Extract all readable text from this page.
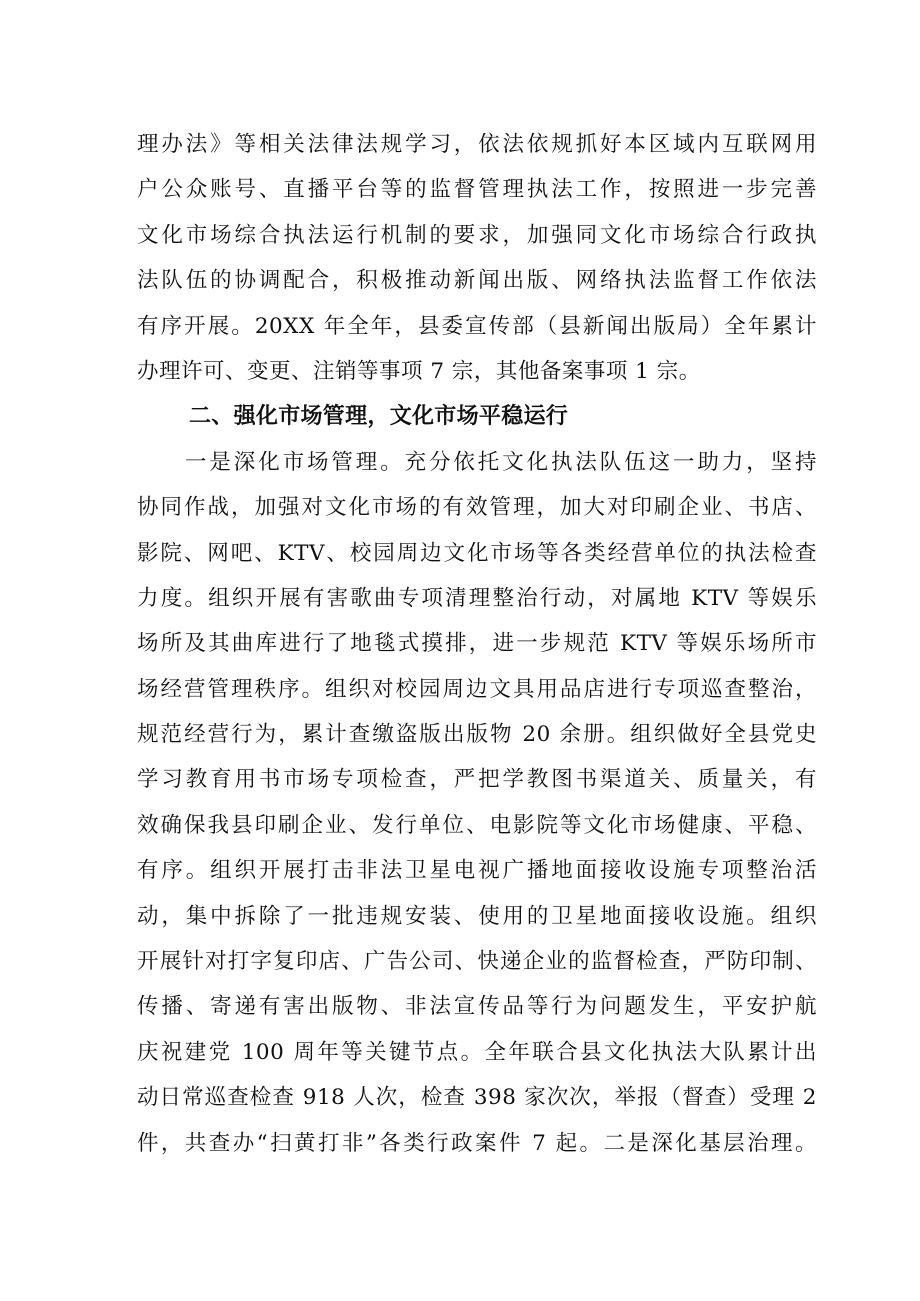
理办法》等相关法律法规学习，依法依规抓好本区域内互联网用
户公众账号、直播平台等的监督管理执法工作，按照进一步完善
文化市场综合执法运行机制的要求，加强同文化市场综合行政执
法队伍的协调配合，积极推动新闻出版、网络执法监督工作依法
有序开展。20XX 年全年，县委宣传部（县新闻出版局）全年累计
办理许可、变更、注销等事项 7 宗，其他备案事项 1 宗。
二、强化市场管理，文化市场平稳运行
一是深化市场管理。充分依托文化执法队伍这一助力，坚持
协同作战，加强对文化市场的有效管理，加大对印刷企业、书店、
影院、网吧、KTV、校园周边文化市场等各类经营单位的执法检查
力度。组织开展有害歌曲专项清理整治行动，对属地 KTV 等娱乐
场所及其曲库进行了地毯式摸排，进一步规范 KTV 等娱乐场所市
场经营管理秩序。组织对校园周边文具用品店进行专项巡查整治，
规范经营行为，累计查缴盗版出版物 20 余册。组织做好全县党史
学习教育用书市场专项检查，严把学教图书渠道关、质量关，有
效确保我县印刷企业、发行单位、电影院等文化市场健康、平稳、
有序。组织开展打击非法卫星电视广播地面接收设施专项整治活
动，集中拆除了一批违规安装、使用的卫星地面接收设施。组织
开展针对打字复印店、广告公司、快递企业的监督检查，严防印制、
传播、寄递有害出版物、非法宣传品等行为问题发生，平安护航
庆祝建党 100 周年等关键节点。全年联合县文化执法大队累计出
动日常巡查检查 918 人次，检查 398 家次次，举报（督查）受理 2
件，共查办“扫黄打非”各类行政案件 7 起。二是深化基层治理。
